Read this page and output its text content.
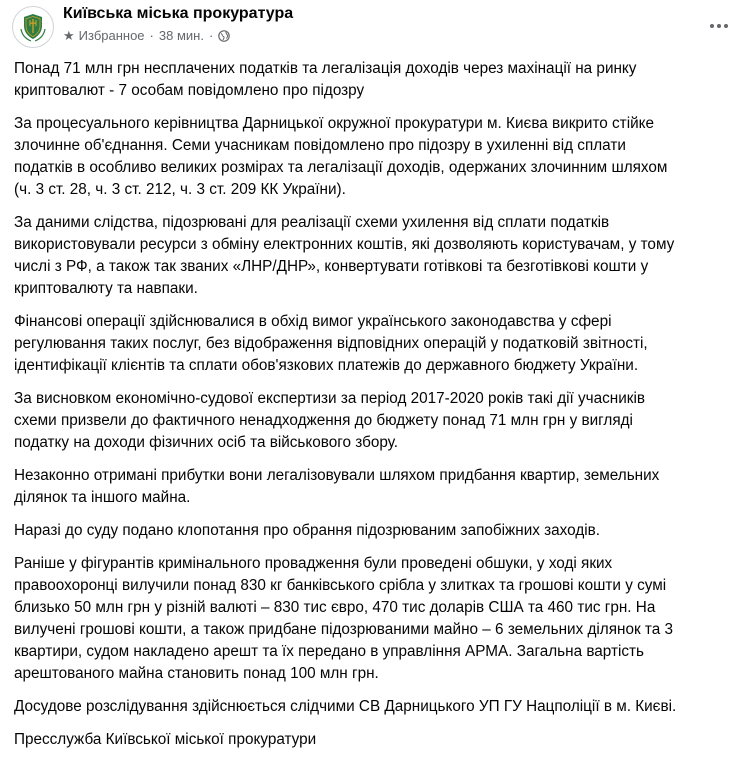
Київська міська прокуратура
★ Избранное · 38 мин. ·

Понад 71 млн грн несплачених податків та легалізація доходів через махінації на ринку
криптовалют - 7 особам повідомлено про підозру

За процесуального керівництва Дарницької окружної прокуратури м. Києва викрито стійке
злочинне об'єднання. Семи учасникам повідомлено про підозру в ухиленні від сплати
податків в особливо великих розмірах та легалізації доходів, одержаних злочинним шляхом
(ч. 3 ст. 28, ч. 3 ст. 212, ч. 3 ст. 209 КК України).

За даними слідства, підозрювані для реалізації схеми ухилення від сплати податків
використовували ресурси з обміну електронних коштів, які дозволяють користувачам, у тому
числі з РФ, а також так званих «ЛНР/ДНР», конвертувати готівкові та безготівкові кошти у
криптовалюту та навпаки.

Фінансові операції здійснювалися в обхід вимог українського законодавства у сфері
регулювання таких послуг, без відображення відповідних операцій у податковій звітності,
ідентифікації клієнтів та сплати обов'язкових платежів до державного бюджету України.

За висновком економічно-судової експертизи за період 2017-2020 років такі дії учасників
схеми призвели до фактичного ненадходження до бюджету понад 71 млн грн у вигляді
податку на доходи фізичних осіб та військового збору.

Незаконно отримані прибутки вони легалізовували шляхом придбання квартир, земельних
ділянок та іншого майна.

Наразі до суду подано клопотання про обрання підозрюваним запобіжних заходів.

Раніше у фігурантів кримінального провадження були проведені обшуки, у ході яких
правоохоронці вилучили понад 830 кг банківського срібла у злитках та грошові кошти у сумі
близько 50 млн грн у різній валюті – 830 тис євро, 470 тис доларів США та 460 тис грн. На
вилучені грошові кошти, а також придбане підозрюваними майно – 6 земельних ділянок та 3
квартири, судом накладено арешт та їх передано в управління АРМА. Загальна вартість
арештованого майна становить понад 100 млн грн.

Досудове розслідування здійснюється слідчими СВ Дарницького УП ГУ Нацполіції в м. Києві.

Пресслужба Київської міської прокуратури
